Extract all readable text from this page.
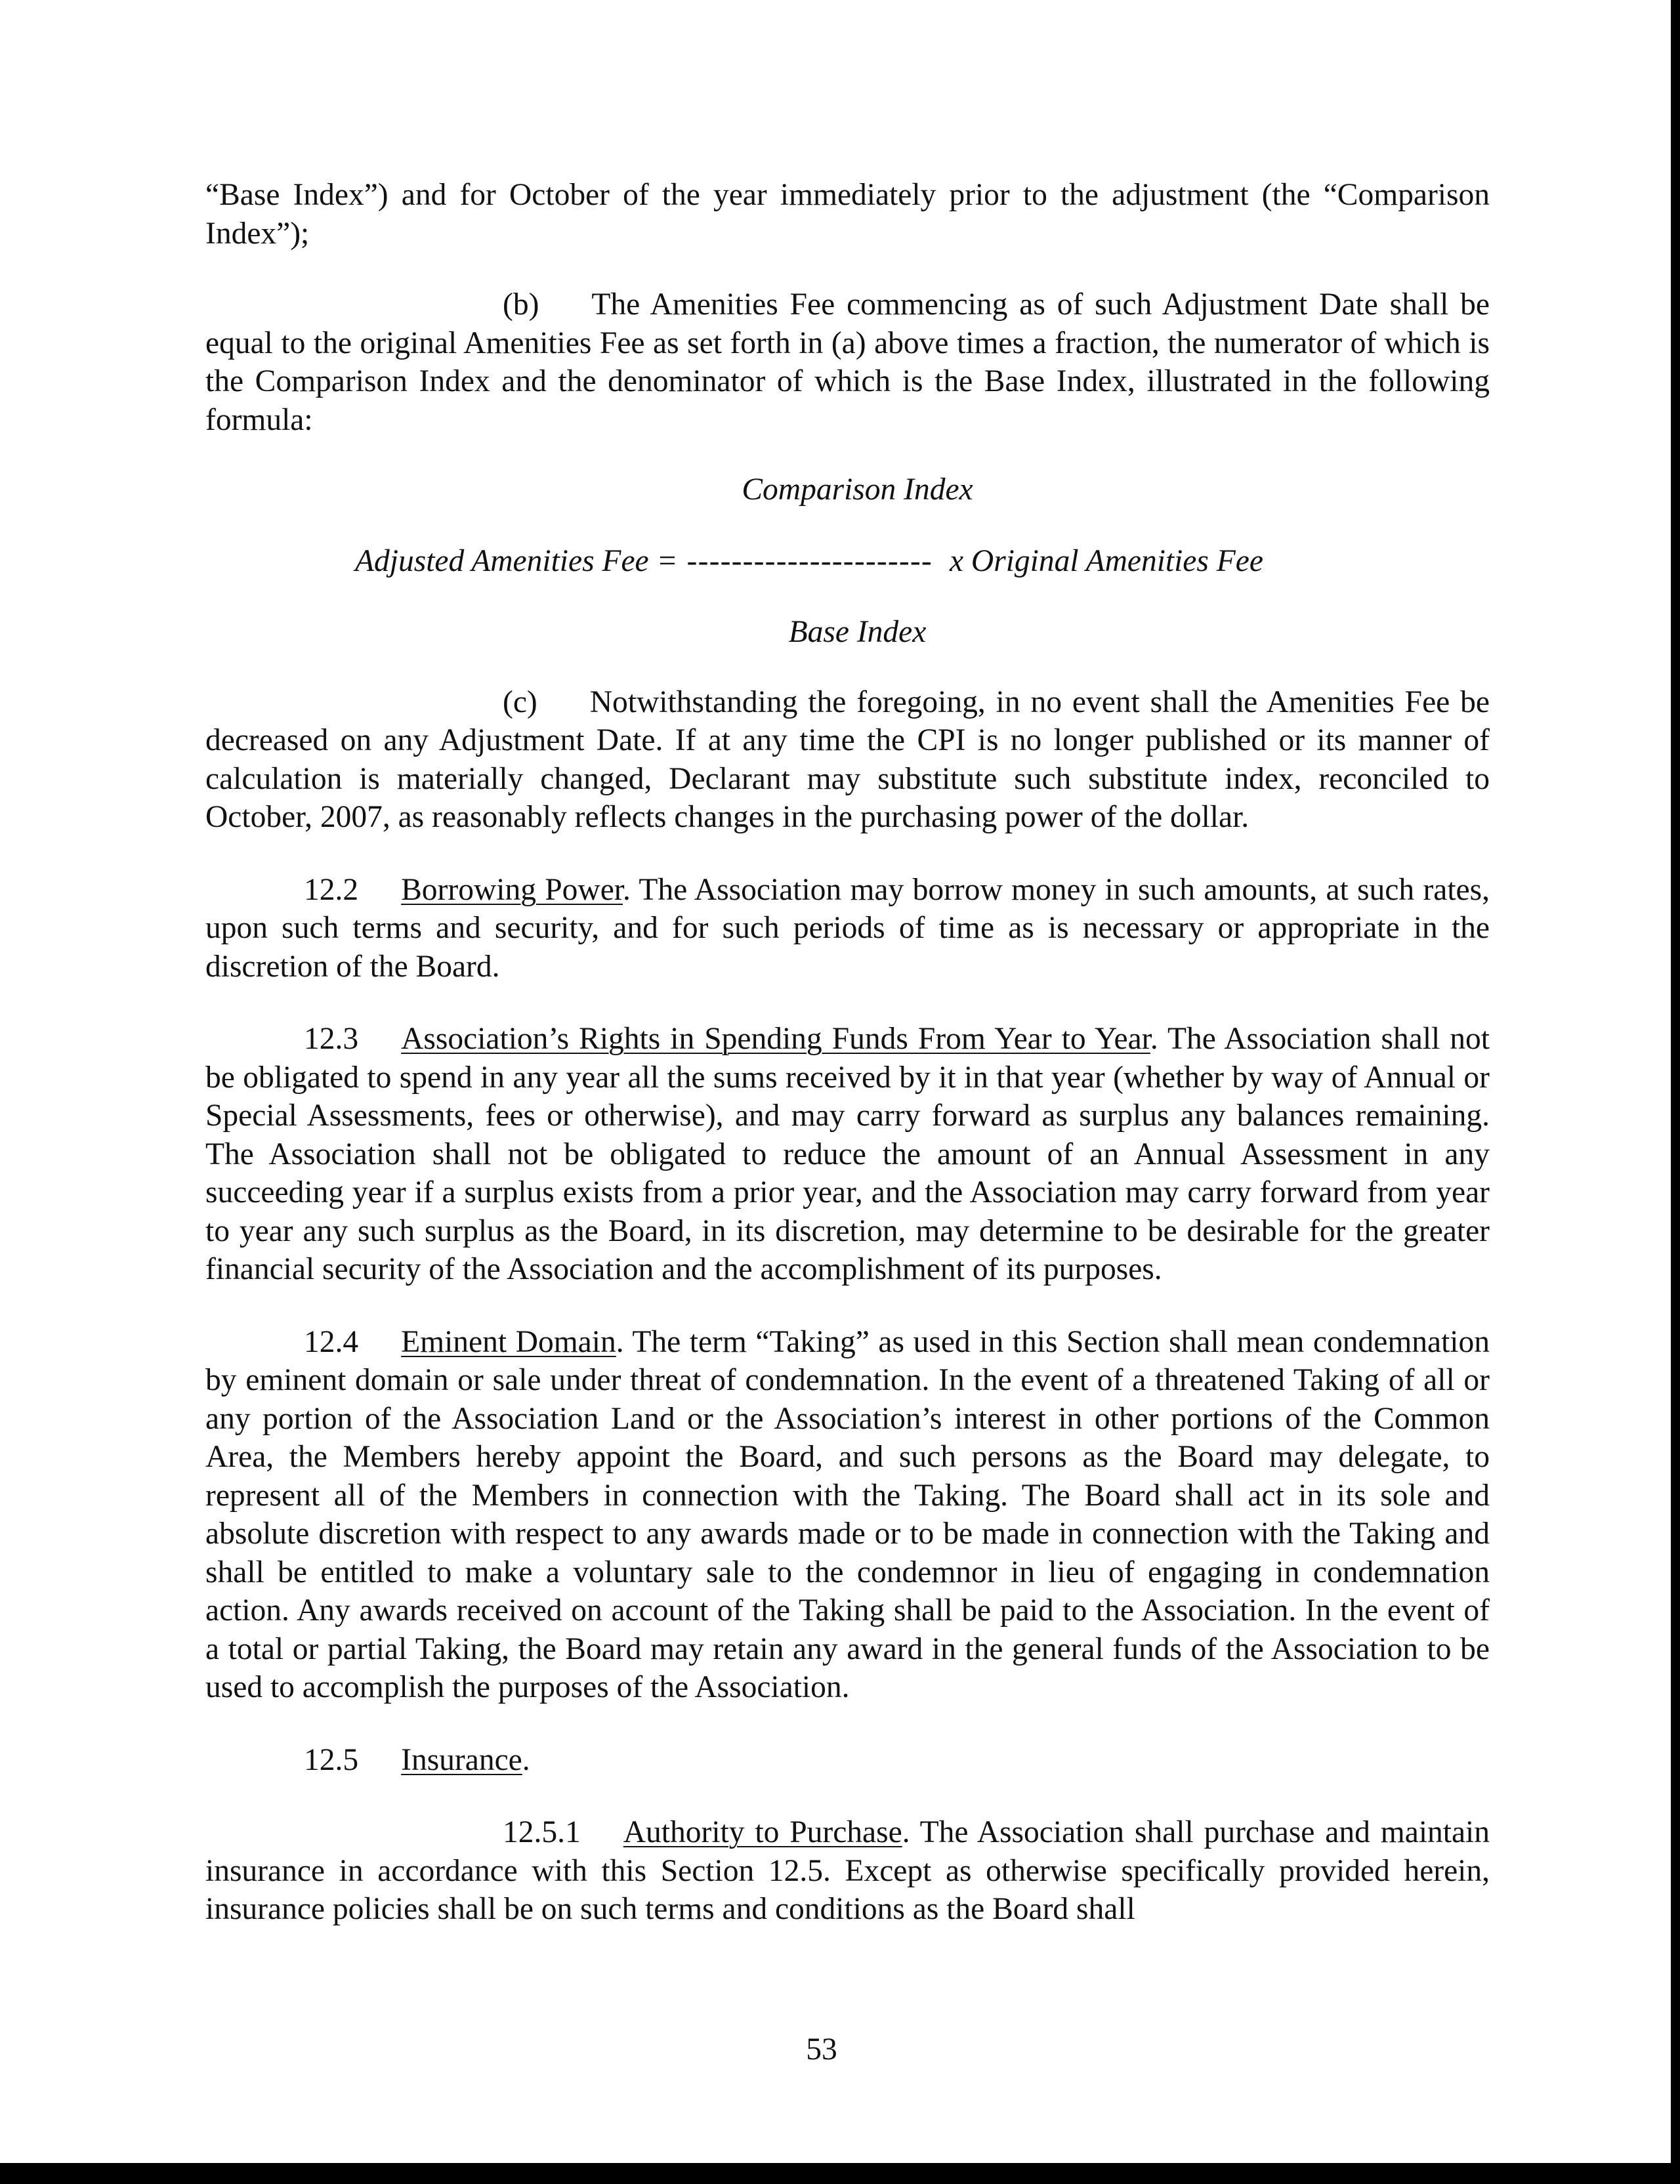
“Base Index”) and for October of the year immediately prior to the adjustment (the “Comparison Index”);

(b) The Amenities Fee commencing as of such Adjustment Date shall be equal to the original Amenities Fee as set forth in (a) above times a fraction, the numerator of which is the Comparison Index and the denominator of which is the Base Index, illustrated in the following formula:

Comparison Index
Adjusted Amenities Fee = ---------------------- x Original Amenities Fee
Base Index

(c) Notwithstanding the foregoing, in no event shall the Amenities Fee be decreased on any Adjustment Date. If at any time the CPI is no longer published or its manner of calculation is materially changed, Declarant may substitute such substitute index, reconciled to October, 2007, as reasonably reflects changes in the purchasing power of the dollar.

12.2 Borrowing Power. The Association may borrow money in such amounts, at such rates, upon such terms and security, and for such periods of time as is necessary or appropriate in the discretion of the Board.

12.3 Association’s Rights in Spending Funds From Year to Year. The Association shall not be obligated to spend in any year all the sums received by it in that year (whether by way of Annual or Special Assessments, fees or otherwise), and may carry forward as surplus any balances remaining. The Association shall not be obligated to reduce the amount of an Annual Assessment in any succeeding year if a surplus exists from a prior year, and the Association may carry forward from year to year any such surplus as the Board, in its discretion, may determine to be desirable for the greater financial security of the Association and the accomplishment of its purposes.

12.4 Eminent Domain. The term “Taking” as used in this Section shall mean condemnation by eminent domain or sale under threat of condemnation. In the event of a threatened Taking of all or any portion of the Association Land or the Association’s interest in other portions of the Common Area, the Members hereby appoint the Board, and such persons as the Board may delegate, to represent all of the Members in connection with the Taking. The Board shall act in its sole and absolute discretion with respect to any awards made or to be made in connection with the Taking and shall be entitled to make a voluntary sale to the condemnor in lieu of engaging in condemnation action. Any awards received on account of the Taking shall be paid to the Association. In the event of a total or partial Taking, the Board may retain any award in the general funds of the Association to be used to accomplish the purposes of the Association.

12.5 Insurance.

12.5.1 Authority to Purchase. The Association shall purchase and maintain insurance in accordance with this Section 12.5. Except as otherwise specifically provided herein, insurance policies shall be on such terms and conditions as the Board shall

53
